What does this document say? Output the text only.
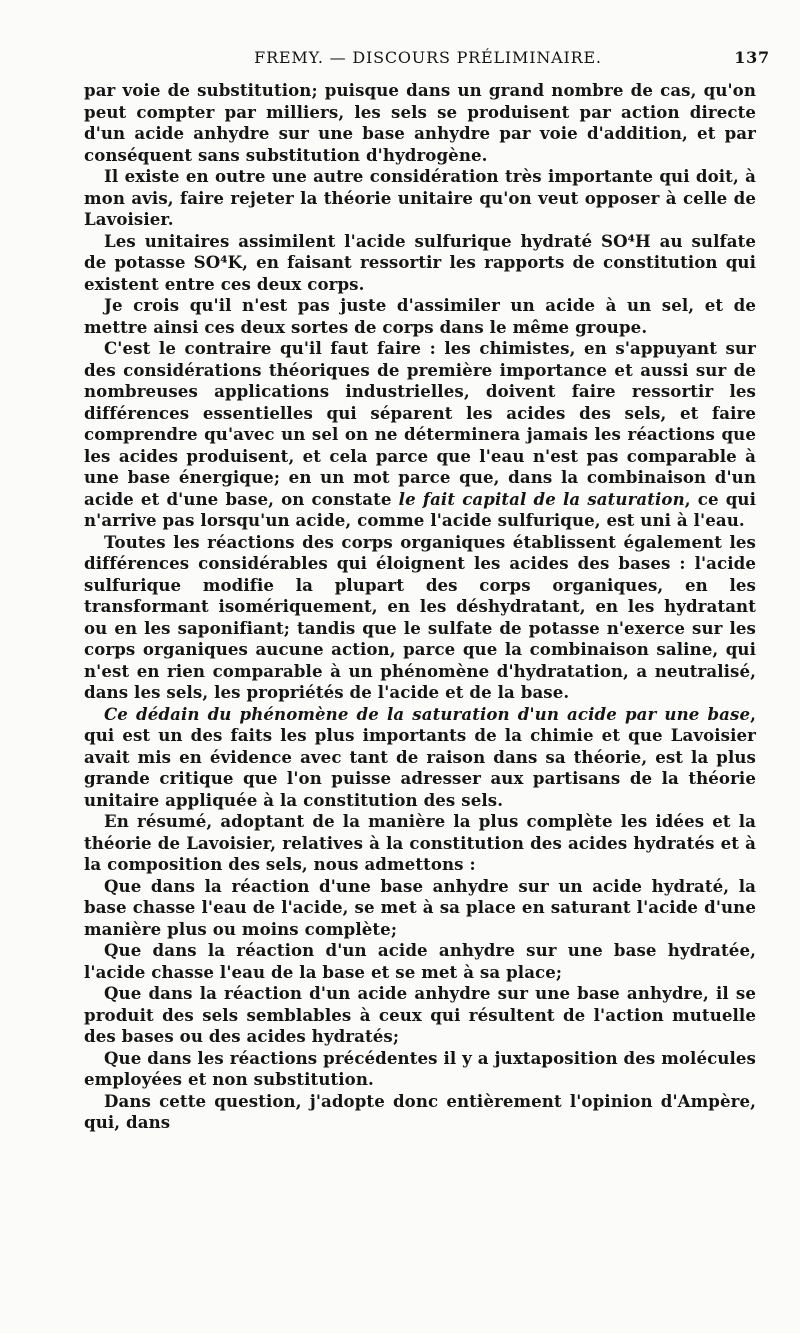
FREMY. — DISCOURS PRÉLIMINAIRE.	137

par voie de substitution; puisque dans un grand nombre de cas, qu'on peut compter par milliers, les sels se produisent par action directe d'un acide anhydre sur une base anhydre par voie d'addition, et par conséquent sans substitution d'hydrogène.

Il existe en outre une autre considération très importante qui doit, à mon avis, faire rejeter la théorie unitaire qu'on veut opposer à celle de Lavoisier.

Les unitaires assimilent l'acide sulfurique hydraté SO⁴H au sulfate de potasse SO⁴K, en faisant ressortir les rapports de constitution qui existent entre ces deux corps.

Je crois qu'il n'est pas juste d'assimiler un acide à un sel, et de mettre ainsi ces deux sortes de corps dans le même groupe.

C'est le contraire qu'il faut faire : les chimistes, en s'appuyant sur des considérations théoriques de première importance et aussi sur de nombreuses applications industrielles, doivent faire ressortir les différences essentielles qui séparent les acides des sels, et faire comprendre qu'avec un sel on ne déterminera jamais les réactions que les acides produisent, et cela parce que l'eau n'est pas comparable à une base énergique; en un mot parce que, dans la combinaison d'un acide et d'une base, on constate le fait capital de la saturation, ce qui n'arrive pas lorsqu'un acide, comme l'acide sulfurique, est uni à l'eau.

Toutes les réactions des corps organiques établissent également les différences considérables qui éloignent les acides des bases : l'acide sulfurique modifie la plupart des corps organiques, en les transformant isomériquement, en les déshydratant, en les hydratant ou en les saponifiant; tandis que le sulfate de potasse n'exerce sur les corps organiques aucune action, parce que la combinaison saline, qui n'est en rien comparable à un phénomène d'hydratation, a neutralisé, dans les sels, les propriétés de l'acide et de la base.

Ce dédain du phénomène de la saturation d'un acide par une base, qui est un des faits les plus importants de la chimie et que Lavoisier avait mis en évidence avec tant de raison dans sa théorie, est la plus grande critique que l'on puisse adresser aux partisans de la théorie unitaire appliquée à la constitution des sels.

En résumé, adoptant de la manière la plus complète les idées et la théorie de Lavoisier, relatives à la constitution des acides hydratés et à la composition des sels, nous admettons :

Que dans la réaction d'une base anhydre sur un acide hydraté, la base chasse l'eau de l'acide, se met à sa place en saturant l'acide d'une manière plus ou moins complète;

Que dans la réaction d'un acide anhydre sur une base hydratée, l'acide chasse l'eau de la base et se met à sa place;

Que dans la réaction d'un acide anhydre sur une base anhydre, il se produit des sels semblables à ceux qui résultent de l'action mutuelle des bases ou des acides hydratés;

Que dans les réactions précédentes il y a juxtaposition des molécules employées et non substitution.

Dans cette question, j'adopte donc entièrement l'opinion d'Ampère, qui, dans
